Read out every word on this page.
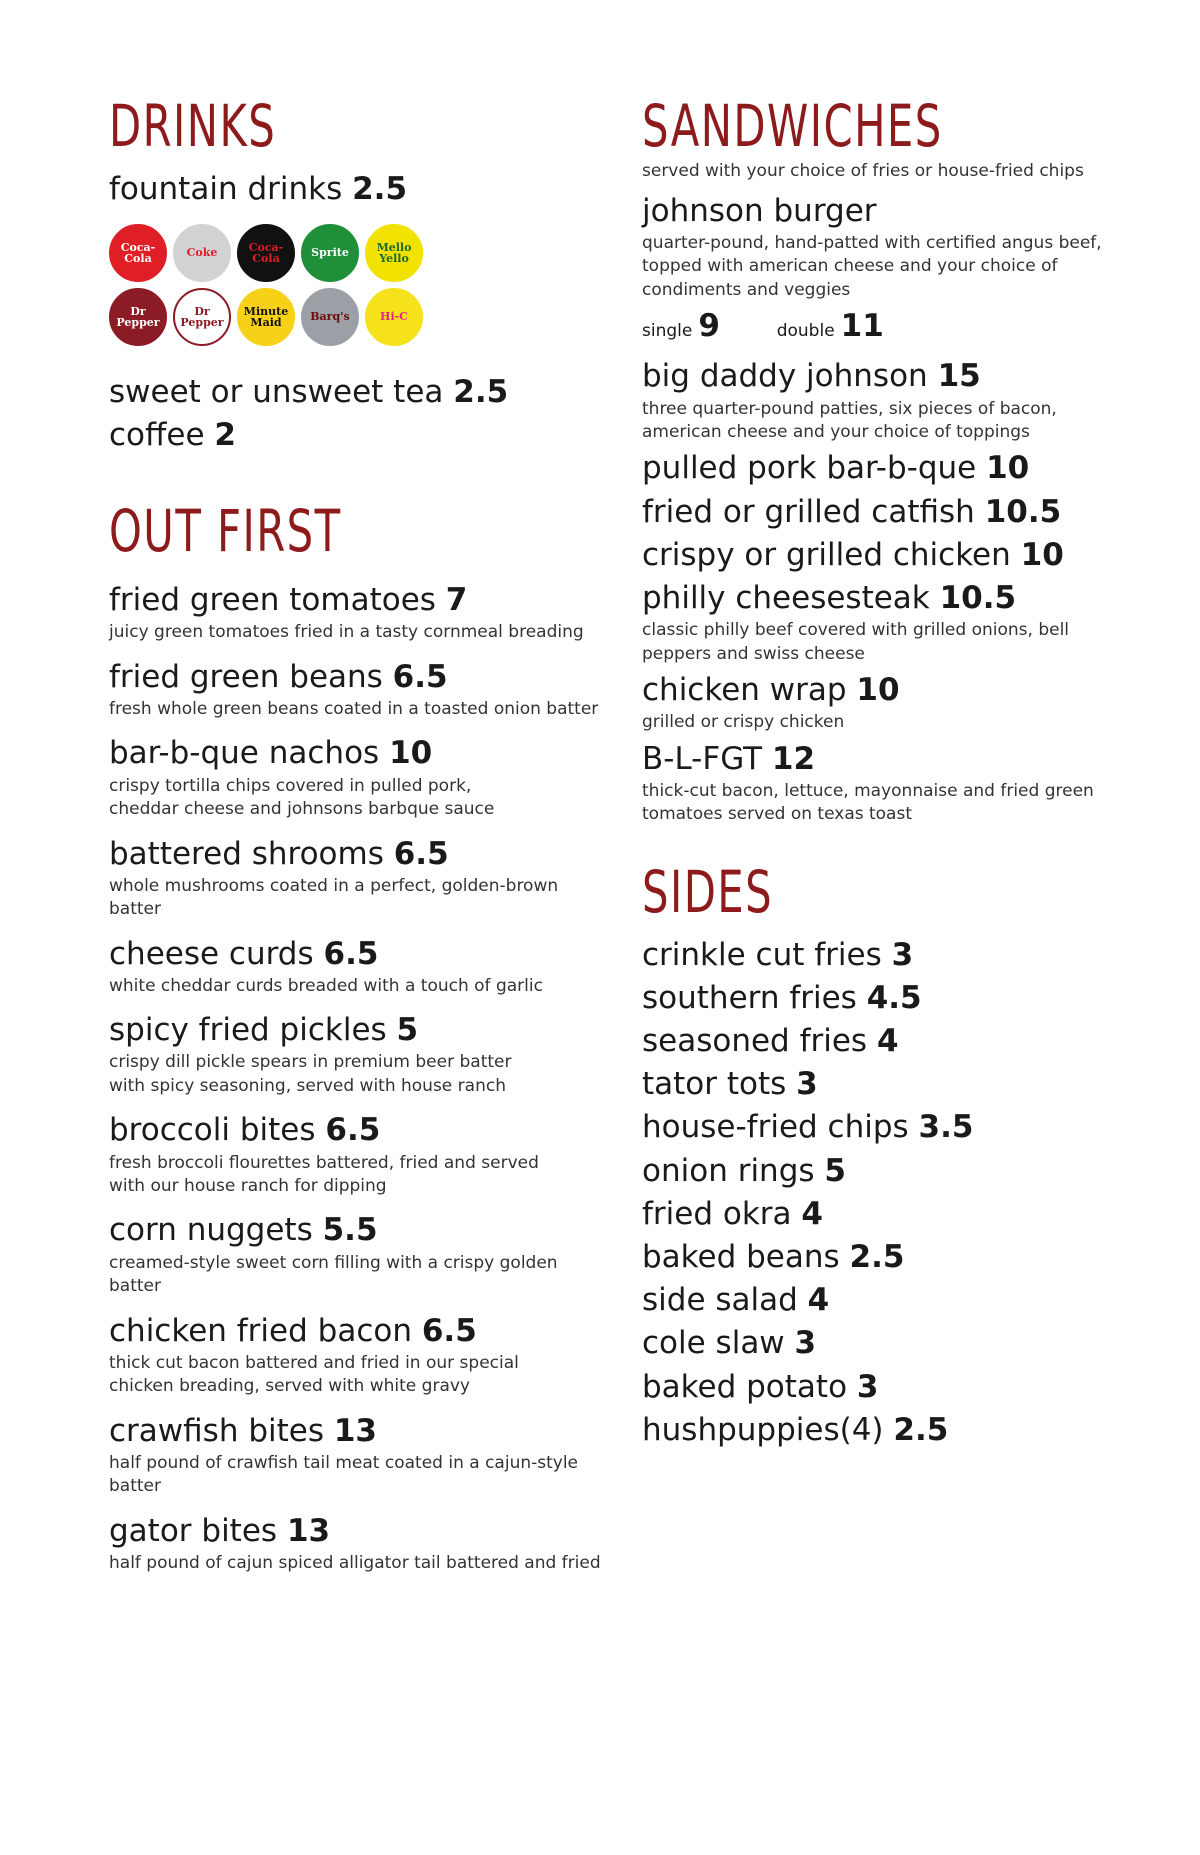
DRINKS
fountain drinks 2.5
Coca-Cola	Coke	Coca-Cola	Sprite	Mello Yello
Dr Pepper
Dr Pepper
Minute Maid	Barq's	Hi-C
sweet or unsweet tea 2.5
coffee 2
OUT FIRST
fried green tomatoes 7
juicy green tomatoes fried in a tasty cornmeal breading
fried green beans 6.5
fresh whole green beans coated in a toasted onion batter
bar-b-que nachos 10
crispy tortilla chips covered in pulled pork,
cheddar cheese and johnsons barbque sauce
battered shrooms 6.5
whole mushrooms coated in a perfect, golden-brown batter
cheese curds 6.5
white cheddar curds breaded with a touch of garlic
spicy fried pickles 5
crispy dill pickle spears in premium beer batter
with spicy seasoning, served with house ranch
broccoli bites 6.5
fresh broccoli flourettes battered, fried and served
with our house ranch for dipping
corn nuggets 5.5
creamed-style sweet corn filling with a crispy golden batter
chicken fried bacon 6.5
thick cut bacon battered and fried in our special
chicken breading, served with white gravy
crawfish bites 13
half pound of crawfish tail meat coated in a cajun-style batter
gator bites 13
half pound of cajun spiced alligator tail battered and fried
SANDWICHES
served with your choice of fries or house-fried chips
johnson burger
quarter-pound, hand-patted with certified angus beef,
topped with american cheese and your choice of
condiments and veggies
single 9	double 11
big daddy johnson 15
three quarter-pound patties, six pieces of bacon,
american cheese and your choice of toppings
pulled pork bar-b-que 10
fried or grilled catfish 10.5
crispy or grilled chicken 10
philly cheesesteak 10.5
classic philly beef covered with grilled onions, bell
peppers and swiss cheese
chicken wrap 10
grilled or crispy chicken
B-L-FGT 12
thick-cut bacon, lettuce, mayonnaise and fried green
tomatoes served on texas toast
SIDES
crinkle cut fries 3
southern fries 4.5
seasoned fries 4
tator tots 3
house-fried chips 3.5
onion rings 5
fried okra 4
baked beans 2.5
side salad 4
cole slaw 3
baked potato 3
hushpuppies(4) 2.5
